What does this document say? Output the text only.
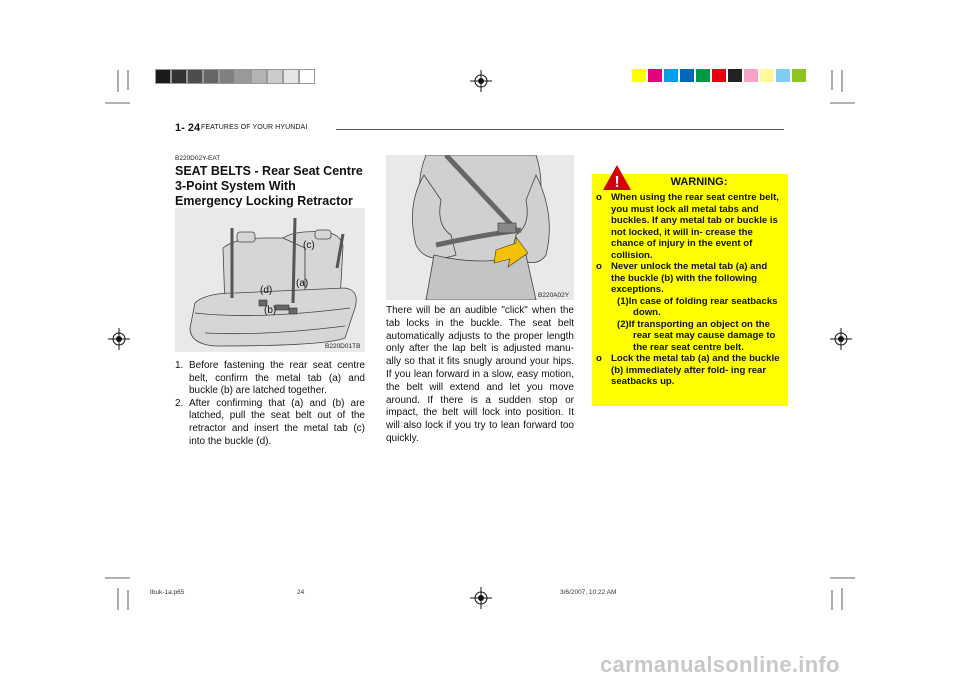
1- 24 FEATURES OF YOUR HYUNDAI
B220D02Y-EAT
SEAT BELTS - Rear Seat Centre 3-Point System With Emergency Locking Retractor
(c)
(a)
(d)
(b)
B220D01TB
1. Before fastening the rear seat centre belt, confirm the metal tab (a) and buckle (b) are latched together.
2. After confirming that (a) and (b) are latched, pull the seat belt out of the retractor and insert the metal tab (c) into the buckle (d).
B220A02Y
There will be an audible "click" when the tab locks in the buckle. The seat belt automatically adjusts to the proper length only after the lap belt is adjusted manu- ally so that it fits snugly around your hips. If you lean forward in a slow, easy motion, the belt will extend and let you move around. If there is a sudden stop or impact, the belt will lock into position. It will also lock if you try to lean forward too quickly.
!	WARNING:
o When using the rear seat centre belt, you must lock all metal tabs and buckles. If any metal tab or buckle is not locked, it will in- crease the chance of injury in the event of collision.
o Never unlock the metal tab (a) and the buckle (b) with the following exceptions.
(1)In case of folding rear seatbacks down.
(2)If transporting an object on the rear seat may cause damage to the rear seat centre belt.
o Lock the metal tab (a) and the buckle (b) immediately after fold- ing rear seatbacks up.
tbuk-1a.p65	24	3/6/2007, 10:22 AM
carmanualsonline.info
